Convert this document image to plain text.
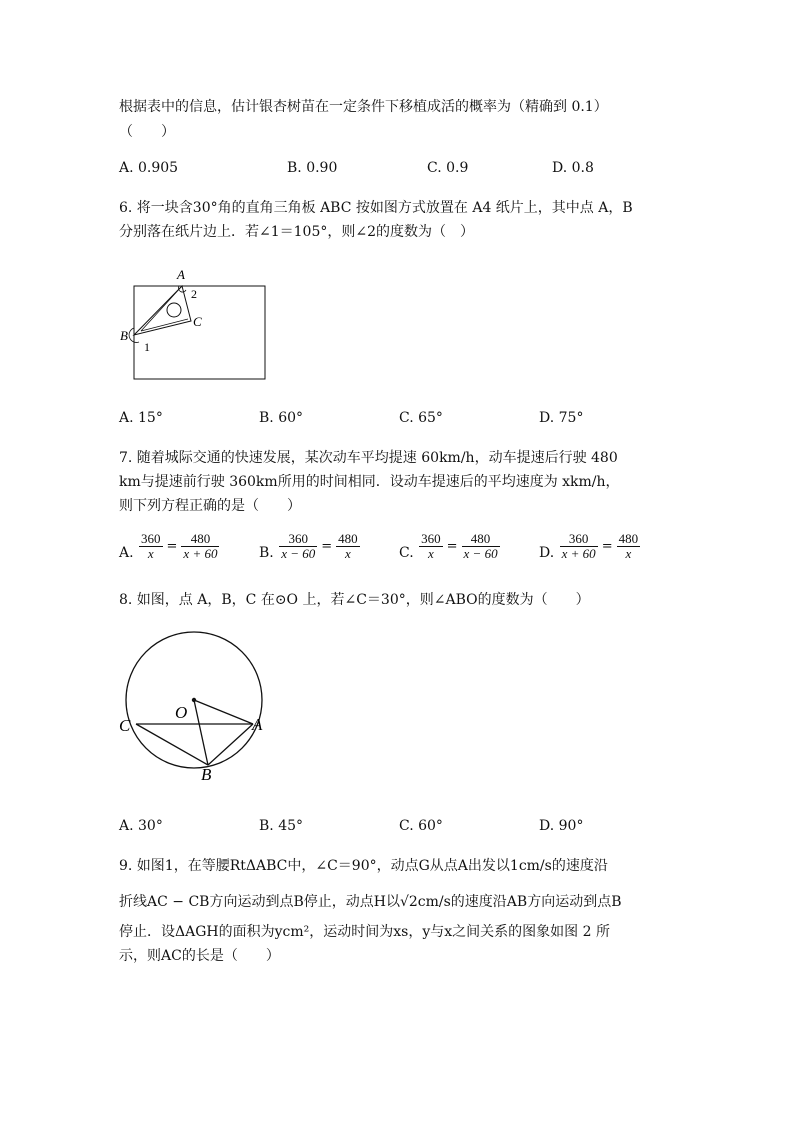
根据表中的信息，估计银杏树苗在一定条件下移植成活的概率为（精确到 0.1）
（　　）
A. 0.905	B. 0.90	C. 0.9	D. 0.8
6. 将一块含30°角的直角三角板 ABC 按如图方式放置在 A4 纸片上，其中点 A，B
分别落在纸片边上．若∠1＝105°，则∠2的度数为（　）
A
2
C
B
1
A. 15°	B. 60°	C. 65°	D. 75°
7. 随着城际交通的快速发展，某次动车平均提速 60km/h，动车提速后行驶 480
km与提速前行驶 360km所用的时间相同．设动车提速后的平均速度为 xkm/h，
则下列方程正确的是（　　）
A. $\frac{360}{x} = \frac{480}{x + 60}$	B. $\frac{360}{x - 60} = \frac{480}{x}$	C. $\frac{360}{x} = \frac{480}{x - 60}$	D. $\frac{360}{x + 60} = \frac{480}{x}$
8. 如图，点 A，B，C 在⊙O 上，若∠C＝30°，则∠ABO的度数为（　　）
O
C	A
B
A. 30°	B. 45°	C. 60°	D. 90°
9. 如图1，在等腰RtΔABC中，∠C＝90°，动点G从点A出发以1cm/s的速度沿
折线AC − CB方向运动到点B停止，动点H以√2cm/s的速度沿AB方向运动到点B
停止．设ΔAGH的面积为ycm²，运动时间为xs，y与x之间关系的图象如图 2 所
示，则AC的长是（　　）
